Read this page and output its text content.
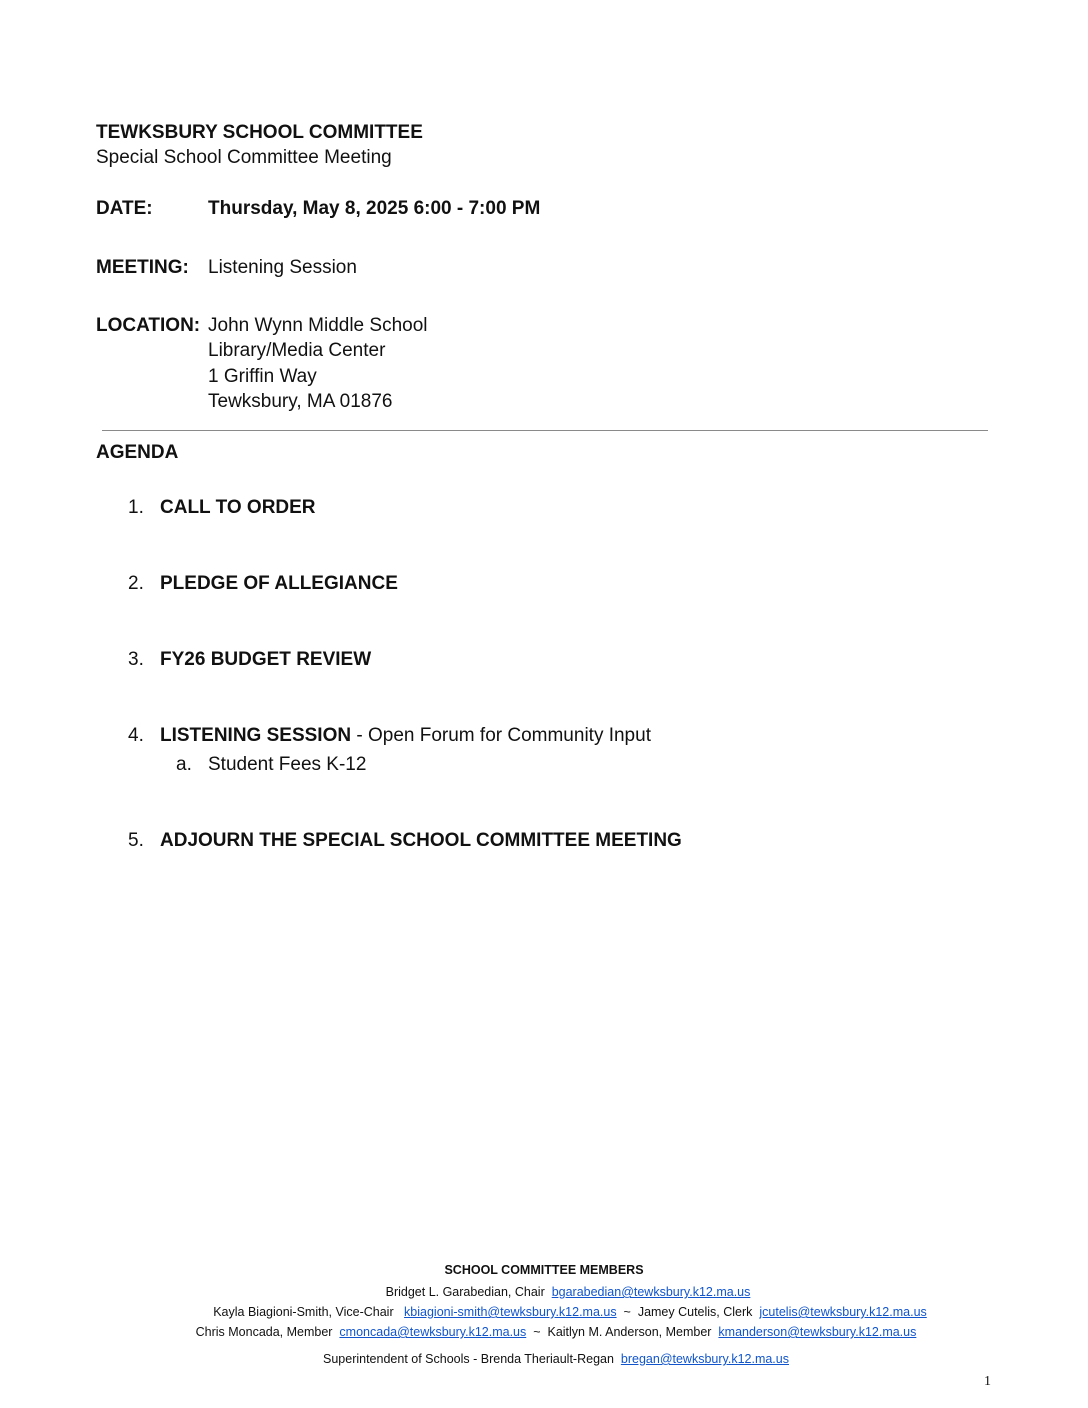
TEWKSBURY SCHOOL COMMITTEE
Special School Committee Meeting
DATE:	Thursday, May 8, 2025 6:00 - 7:00 PM
MEETING: Listening Session
LOCATION: John Wynn Middle School
Library/Media Center
1 Griffin Way
Tewksbury, MA 01876
AGENDA
1. CALL TO ORDER
2. PLEDGE OF ALLEGIANCE
3. FY26 BUDGET REVIEW
4. LISTENING SESSION - Open Forum for Community Input
a. Student Fees K-12
5. ADJOURN THE SPECIAL SCHOOL COMMITTEE MEETING
SCHOOL COMMITTEE MEMBERS
Bridget L. Garabedian, Chair bgarabedian@tewksbury.k12.ma.us
Kayla Biagioni-Smith, Vice-Chair kbiagioni-smith@tewksbury.k12.ma.us ~ Jamey Cutelis, Clerk jcutelis@tewksbury.k12.ma.us
Chris Moncada, Member cmoncada@tewksbury.k12.ma.us ~ Kaitlyn M. Anderson, Member kmanderson@tewksbury.k12.ma.us
Superintendent of Schools - Brenda Theriault-Regan bregan@tewksbury.k12.ma.us
1
